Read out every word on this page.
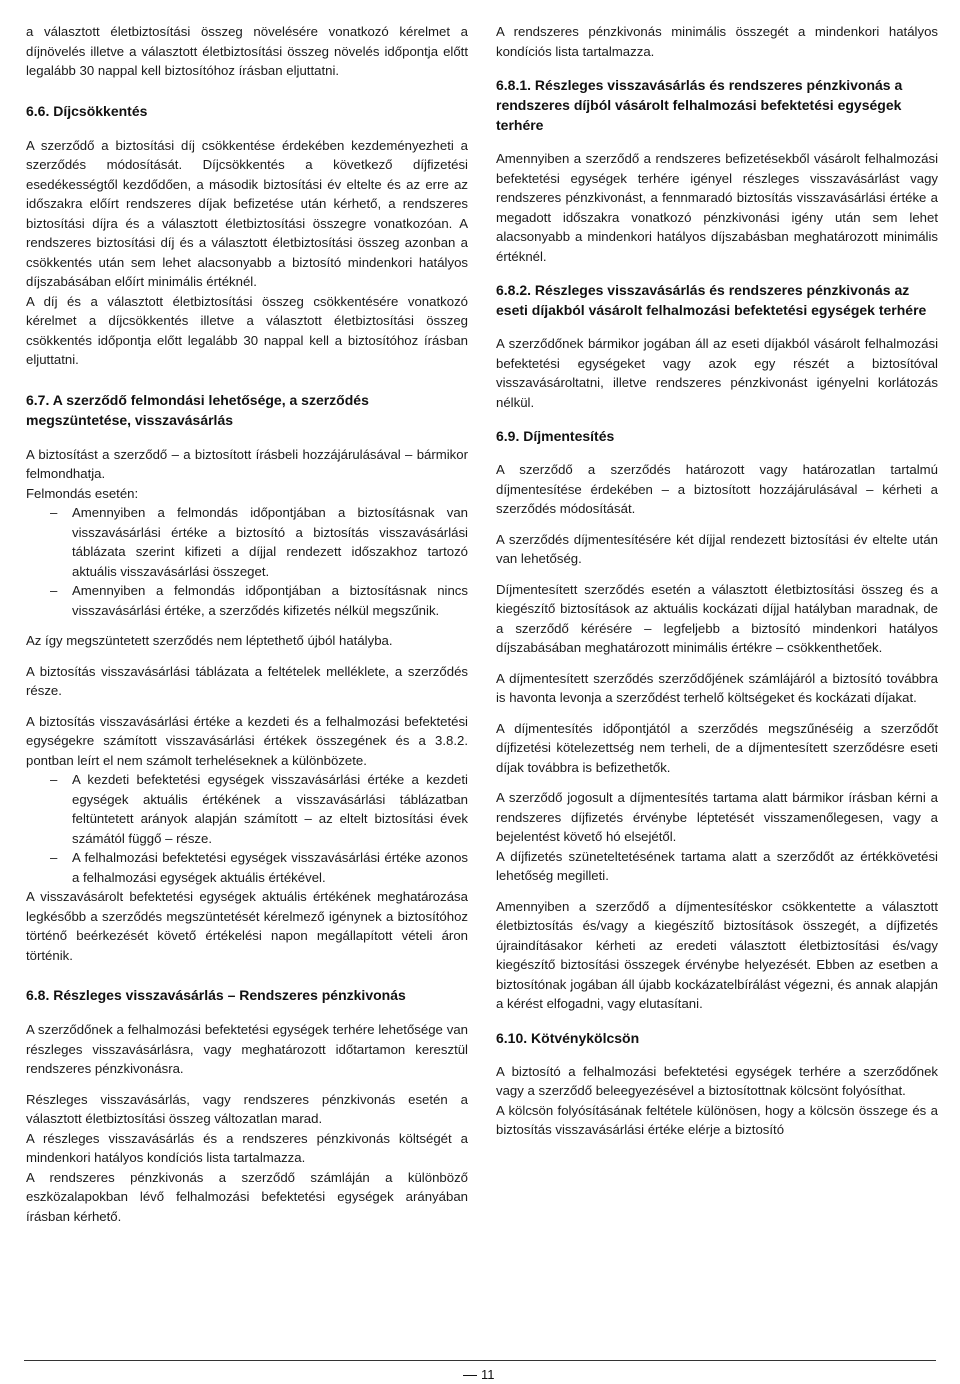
a választott életbiztosítási összeg növelésére vonatkozó kérelmet a díjnövelés illetve a választott életbiztosítási összeg növelés időpontja előtt legalább 30 nappal kell biztosítóhoz írásban eljuttatni.

6.6. Díjcsökkentés

A szerződő a biztosítási díj csökkentése érdekében kezdeményezheti a szerződés módosítását. Díjcsökkentés a következő díjfizetési esedékességtől kezdődően, a második biztosítási év eltelte és az erre az időszakra előírt rendszeres díjak befizetése után kérhető, a rendszeres biztosítási díjra és a választott életbiztosítási összegre vonatkozóan. A rendszeres biztosítási díj és a választott életbiztosítási összeg azonban a csökkentés után sem lehet alacsonyabb a biztosító mindenkori hatályos díjszabásában előírt minimális értéknél.

A díj és a választott életbiztosítási összeg csökkentésére vonatkozó kérelmet a díjcsökkentés illetve a választott életbiztosítási összeg csökkentés időpontja előtt legalább 30 nappal kell a biztosítóhoz írásban eljuttatni.

6.7. A szerződő felmondási lehetősége, a szerződés megszüntetése, visszavásárlás

A biztosítást a szerződő – a biztosított írásbeli hozzájárulásával – bármikor felmondhatja.

Felmondás esetén:

– Amennyiben a felmondás időpontjában a biztosításnak van visszavásárlási értéke a biztosító a biztosítás visszavásárlási táblázata szerint kifizeti a díjjal rendezett időszakhoz tartozó aktuális visszavásárlási összeget.
– Amennyiben a felmondás időpontjában a biztosításnak nincs visszavásárlási értéke, a szerződés kifizetés nélkül megszűnik.

Az így megszüntetett szerződés nem léptethető újból hatályba.

A biztosítás visszavásárlási táblázata a feltételek melléklete, a szerződés része.

A biztosítás visszavásárlási értéke a kezdeti és a felhalmozási befektetési egységekre számított visszavásárlási értékek összegének és a 3.8.2. pontban leírt el nem számolt terheléseknek a különbözete.

– A kezdeti befektetési egységek visszavásárlási értéke a kezdeti egységek aktuális értékének a visszavásárlási táblázatban feltüntetett arányok alapján számított – az eltelt biztosítási évek számától függő – része.
– A felhalmozási befektetési egységek visszavásárlási értéke azonos a felhalmozási egységek aktuális értékével.

A visszavásárolt befektetési egységek aktuális értékének meghatározása legkésőbb a szerződés megszüntetését kérelmező igénynek a biztosítóhoz történő beérkezését követő értékelési napon megállapított vételi áron történik.

6.8. Részleges visszavásárlás – Rendszeres pénzkivonás

A szerződőnek a felhalmozási befektetési egységek terhére lehetősége van részleges visszavásárlásra, vagy meghatározott időtartamon keresztül rendszeres pénzkivonásra.

Részleges visszavásárlás, vagy rendszeres pénzkivonás esetén a választott életbiztosítási összeg változatlan marad.

A részleges visszavásárlás és a rendszeres pénzkivonás költségét a mindenkori hatályos kondíciós lista tartalmazza.

A rendszeres pénzkivonás a szerződő számláján a különböző eszközalapokban lévő felhalmozási befektetési egységek arányában írásban kérhető.

A rendszeres pénzkivonás minimális összegét a mindenkori hatályos kondíciós lista tartalmazza.

6.8.1. Részleges visszavásárlás és rendszeres pénzkivonás a rendszeres díjból vásárolt felhalmozási befektetési egységek terhére

Amennyiben a szerződő a rendszeres befizetésekből vásárolt felhalmozási befektetési egységek terhére igényel részleges visszavásárlást vagy rendszeres pénzkivonást, a fennmaradó biztosítás visszavásárlási értéke a megadott időszakra vonatkozó pénzkivonási igény után sem lehet alacsonyabb a mindenkori hatályos díjszabásban meghatározott minimális értéknél.

6.8.2. Részleges visszavásárlás és rendszeres pénzkivonás az eseti díjakból vásárolt felhalmozási befektetési egységek terhére

A szerződőnek bármikor jogában áll az eseti díjakból vásárolt felhalmozási befektetési egységeket vagy azok egy részét a biztosítóval visszavásároltatni, illetve rendszeres pénzkivonást igényelni korlátozás nélkül.

6.9. Díjmentesítés

A szerződő a szerződés határozott vagy határozatlan tartalmú díjmentesítése érdekében – a biztosított hozzájárulásával – kérheti a szerződés módosítását.

A szerződés díjmentesítésére két díjjal rendezett biztosítási év eltelte után van lehetőség.

Díjmentesített szerződés esetén a választott életbiztosítási összeg és a kiegészítő biztosítások az aktuális kockázati díjjal hatályban maradnak, de a szerződő kérésére – legfeljebb a biztosító mindenkori hatályos díjszabásában meghatározott minimális értékre – csökkenthetőek.

A díjmentesített szerződés szerződőjének számlájáról a biztosító továbbra is havonta levonja a szerződést terhelő költségeket és kockázati díjakat.

A díjmentesítés időpontjától a szerződés megszűnéséig a szerződőt díjfizetési kötelezettség nem terheli, de a díjmentesített szerződésre eseti díjak továbbra is befizethetők.

A szerződő jogosult a díjmentesítés tartama alatt bármikor írásban kérni a rendszeres díjfizetés érvénybe léptetését visszamenőlegesen, vagy a bejelentést követő hó elsejétől.

A díjfizetés szüneteltetésének tartama alatt a szerződőt az értékkövetési lehetőség megilleti.

Amennyiben a szerződő a díjmentesítéskor csökkentette a választott életbiztosítás és/vagy a kiegészítő biztosítások összegét, a díjfizetés újraindításakor kérheti az eredeti választott életbiztosítási és/vagy kiegészítő biztosítási összegek érvénybe helyezését. Ebben az esetben a biztosítónak jogában áll újabb kockázatelbírálást végezni, és annak alapján a kérést elfogadni, vagy elutasítani.

6.10. Kötvénykölcsön

A biztosító a felhalmozási befektetési egységek terhére a szerződőnek vagy a szerződő beleegyezésével a biztosítottnak kölcsönt folyósíthat.

A kölcsön folyósításának feltétele különösen, hogy a kölcsön összege és a biztosítás visszavásárlási értéke elérje a biztosító

11
